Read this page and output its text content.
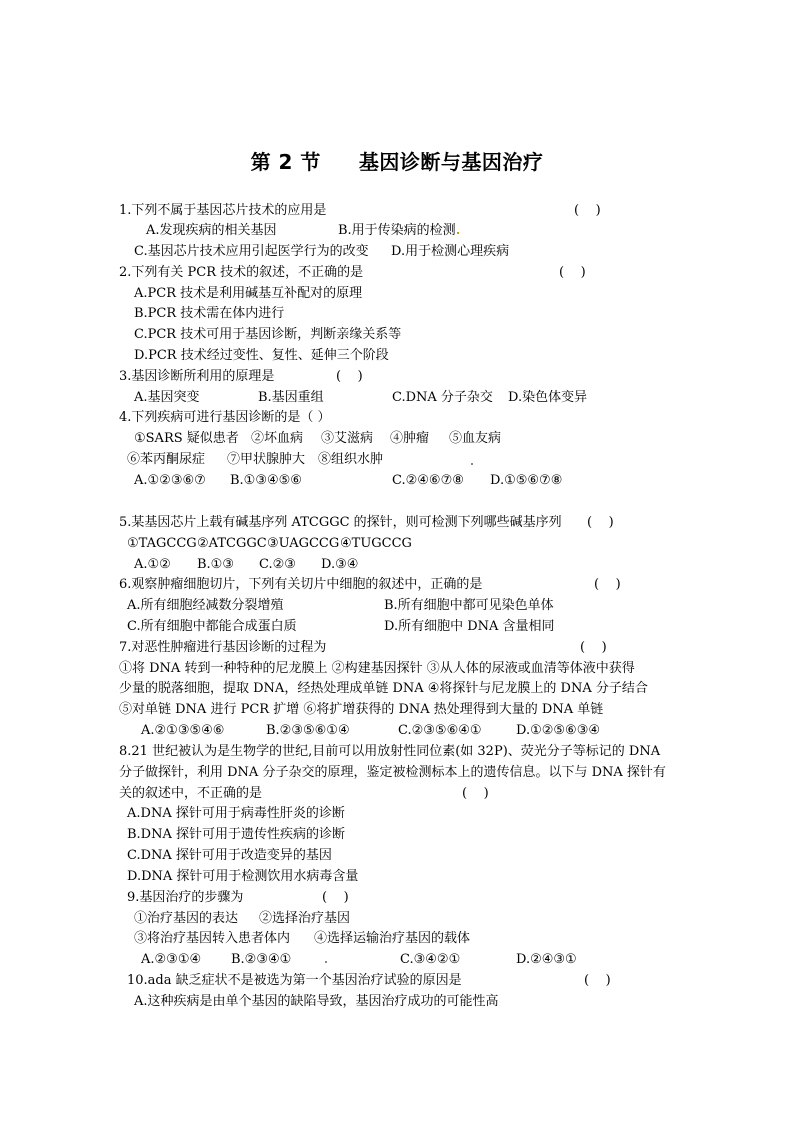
第 2 节 基因诊断与基因治疗
1.下列不属于基因芯片技术的应用是	(    )
A.发现疾病的相关基因	B.用于传染病的检测
C.基因芯片技术应用引起医学行为的改变 D.用于检测心理疾病
2.下列有关 PCR 技术的叙述，不正确的是	(    )
A.PCR 技术是利用碱基互补配对的原理
B.PCR 技术需在体内进行
C.PCR 技术可用于基因诊断，判断亲缘关系等
D.PCR 技术经过变性、复性、延伸三个阶段
3.基因诊断所利用的原理是	(    )
A.基因突变	B.基因重组	C.DNA 分子杂交 D.染色体变异
4.下列疾病可进行基因诊断的是（ ）
①SARS 疑似患者 ②坏血病 ③艾滋病 ④肿瘤 ⑤血友病
⑥苯丙酮尿症 ⑦甲状腺肿大 ⑧组织水肿
A.①②③⑥⑦ B.①③④⑤⑥	C.②④⑥⑦⑧ D.①⑤⑥⑦⑧
5.某基因芯片上载有碱基序列 ATCGGC 的探针，则可检测下列哪些碱基序列 (    )
①TAGCCG ②ATCGGC ③UAGCCG ④TUGCCG
A.①② B.①③ C.②③ D.③④
6.观察肿瘤细胞切片，下列有关切片中细胞的叙述中，正确的是	(    )
A.所有细胞经减数分裂增殖	B.所有细胞中都可见染色单体
C.所有细胞中都能合成蛋白质	D.所有细胞中 DNA 含量相同
7.对恶性肿瘤进行基因诊断的过程为	(    )
①将 DNA 转到一种特种的尼龙膜上 ②构建基因探针 ③从人体的尿液或血清等体液中获得
少量的脱落细胞，提取 DNA，经热处理成单链 DNA ④将探针与尼龙膜上的 DNA 分子结合
⑤对单链 DNA 进行 PCR 扩增 ⑥将扩增获得的 DNA 热处理得到大量的 DNA 单链
A.②①③⑤④⑥	B.②③⑤⑥①④	C.②③⑤⑥④①	D.①②⑤⑥③④
8.21 世纪被认为是生物学的世纪,目前可以用放射性同位素(如 32P)、荧光分子等标记的 DNA
分子做探针，利用 DNA 分子杂交的原理，鉴定被检测标本上的遗传信息。以下与 DNA 探针有
关的叙述中，不正确的是	(    )
A.DNA 探针可用于病毒性肝炎的诊断
B.DNA 探针可用于遗传性疾病的诊断
C.DNA 探针可用于改造变异的基因
D.DNA 探针可用于检测饮用水病毒含量
9.基因治疗的步骤为	(    )
①治疗基因的表达 ②选择治疗基因
③将治疗基因转入患者体内 ④选择运输治疗基因的载体
A.②③①④ B.②③④①	C.③④②①	D.②④③①
10.ada 缺乏症状不是被选为第一个基因治疗试验的原因是	(    )
A.这种疾病是由单个基因的缺陷导致，基因治疗成功的可能性高
